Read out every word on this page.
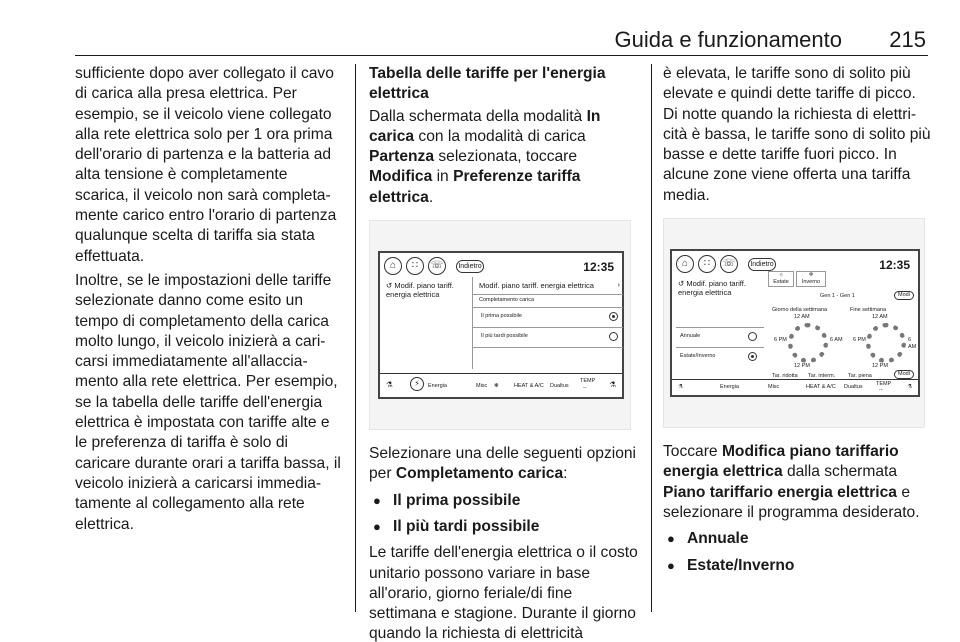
Guida e funzionamento 215

sufficiente dopo aver collegato il cavo di carica alla presa elettrica. Per esempio, se il veicolo viene collegato alla rete elettrica solo per 1 ora prima dell'orario di partenza e la batteria ad alta tensione è completamente scarica, il veicolo non sarà completamente carico entro l'orario di partenza qualunque scelta di tariffa sia stata effettuata.

Inoltre, se le impostazioni delle tariffe selezionate danno come esito un tempo di completamento della carica molto lungo, il veicolo inizierà a caricarsi immediatamente all'allacciamento alla rete elettrica. Per esempio, se la tabella delle tariffe dell'energia elettrica è impostata con tariffe alte e le preferenza di tariffa è solo di caricare durante orari a tariffa bassa, il veicolo inizierà a caricarsi immediatamente al collegamento alla rete elettrica.

Tabella delle tariffe per l'energia elettrica

Dalla schermata della modalità In carica con la modalità di carica Partenza selezionata, toccare Modifica in Preferenze tariffa elettrica.

⌂	∷	☏	Indietro	12:35
↺ Modif. piano tariff. energia elettrica
Modif. piano tariff. energia elettrica	›
Completamento carica
Il prima possibile
Il più tardi possibile
⚗	⚡	Energia	Misc ❋	HEAT & A/C Dualtus
TEMP
--	⚗

Selezionare una delle seguenti opzioni per Completamento carica:

● Il prima possibile
● Il più tardi possibile

Le tariffe dell'energia elettrica o il costo unitario possono variare in base all'orario, giorno feriale/di fine settimana e stagione. Durante il giorno quando la richiesta di elettricità

è elevata, le tariffe sono di solito più elevate e quindi dette tariffe di picco. Di notte quando la richiesta di elettricità è bassa, le tariffe sono di solito più basse e dette tariffe fuori picco. In alcune zone viene offerta una tariffa media.

⌂	∷	☏	Indietro	12:35
☼
Estate
❄
Inverno
↺ Modif. piano tariff. energia elettrica	Gen 1 - Gen 1	Modi
Giorno della settimana	Fine settimana
12 AM
6 PM	6 AM
12 PM
12 AM
6 PM	6 AM
12 PM
Annuale
Estate/Inverno
Tar. ridotta Tar. interm. Tar. piena	Modi
⚗	Energia	Misc	HEAT & A/C Dualtus TEMP
--	⚗

Toccare Modifica piano tariffario energia elettrica dalla schermata Piano tariffario energia elettrica e selezionare il programma desiderato.

● Annuale
● Estate/Inverno
